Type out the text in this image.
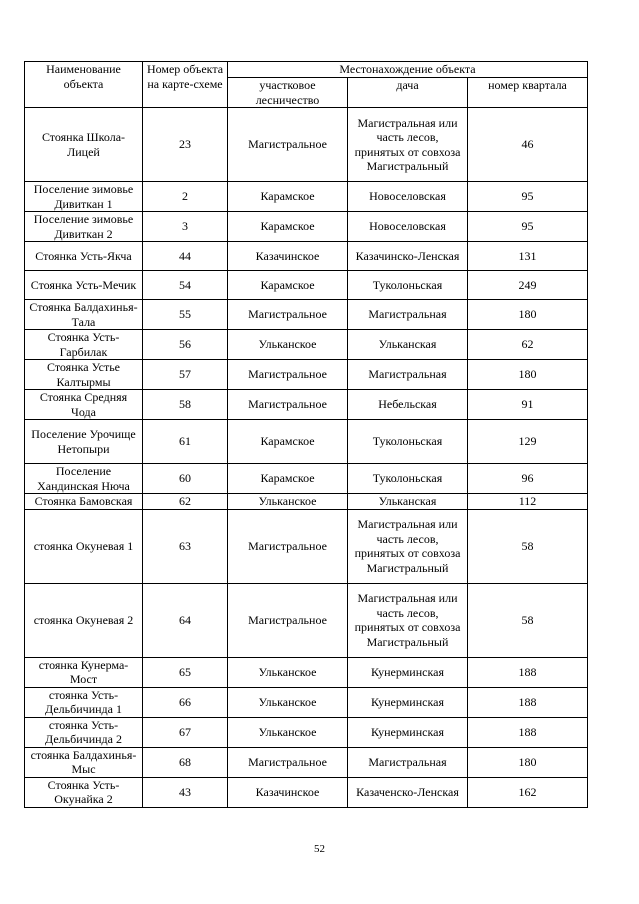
Наименование объекта	Номер объекта на карте-схеме	Местонахождение объекта		
		участковое лесничество	дача	номер квартала
Стоянка Школа-Лицей	23	Магистральное	Магистральная или часть лесов, принятых от совхоза Магистральный	46
Поселение зимовье Дивиткан 1	2	Карамское	Новоселовская	95
Поселение зимовье Дивиткан 2	3	Карамское	Новоселовская	95
Стоянка Усть-Якча	44	Казачинское	Казачинско-Ленская	131
Стоянка Усть-Мечик	54	Карамское	Туколоньская	249
Стоянка Балдахинья-Тала	55	Магистральное	Магистральная	180
Стоянка Усть-Гарбилак	56	Ульканское	Ульканская	62
Стоянка Устье Калтырмы	57	Магистральное	Магистральная	180
Стоянка Средняя Чода	58	Магистральное	Небельская	91
Поселение Урочище Нетопыри	61	Карамское	Туколоньская	129
Поселение Хандинская Нюча	60	Карамское	Туколоньская	96
Стоянка Бамовская	62	Ульканское	Ульканская	112
стоянка Окуневая 1	63	Магистральное	Магистральная или часть лесов, принятых от совхоза Магистральный	58
стоянка Окуневая 2	64	Магистральное	Магистральная или часть лесов, принятых от совхоза Магистральный	58
стоянка Кунерма-Мост	65	Ульканское	Кунерминская	188
стоянка Усть-Дельбичинда 1	66	Ульканское	Кунерминская	188
стоянка Усть-Дельбичинда 2	67	Ульканское	Кунерминская	188
стоянка Балдахинья- Мыс	68	Магистральное	Магистральная	180
Стоянка Усть-Окунайка 2	43	Казачинское	Казаченско-Ленская	162
52
